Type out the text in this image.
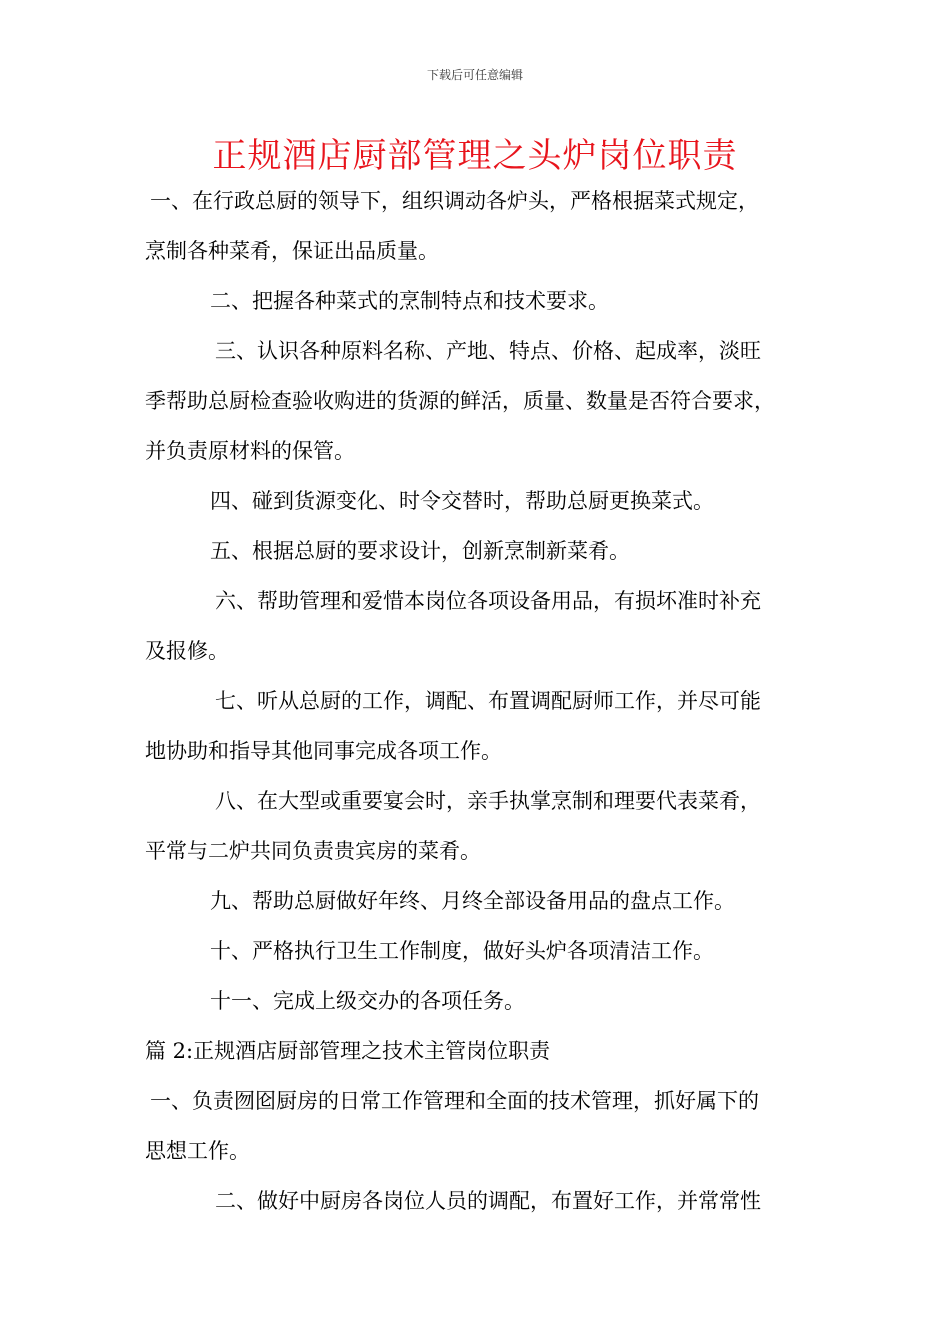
下载后可任意编辑
正规酒店厨部管理之头炉岗位职责
一、在行政总厨的领导下，组织调动各炉头，严格根据菜式规定，
烹制各种菜肴，保证出品质量。
二、把握各种菜式的烹制特点和技术要求。
三、认识各种原料名称、产地、特点、价格、起成率，淡旺
季帮助总厨检查验收购进的货源的鲜活，质量、数量是否符合要求，
并负责原材料的保管。
四、碰到货源变化、时令交替时，帮助总厨更换菜式。
五、根据总厨的要求设计，创新烹制新菜肴。
六、帮助管理和爱惜本岗位各项设备用品，有损坏准时补充
及报修。
七、听从总厨的工作，调配、布置调配厨师工作，并尽可能
地协助和指导其他同事完成各项工作。
八、在大型或重要宴会时，亲手执掌烹制和理要代表菜肴，
平常与二炉共同负责贵宾房的菜肴。
九、帮助总厨做好年终、月终全部设备用品的盘点工作。
十、严格执行卫生工作制度，做好头炉各项清洁工作。
十一、完成上级交办的各项任务。
篇 2:正规酒店厨部管理之技术主管岗位职责
一、负责囫囵厨房的日常工作管理和全面的技术管理，抓好属下的
思想工作。
二、做好中厨房各岗位人员的调配，布置好工作，并常常性
